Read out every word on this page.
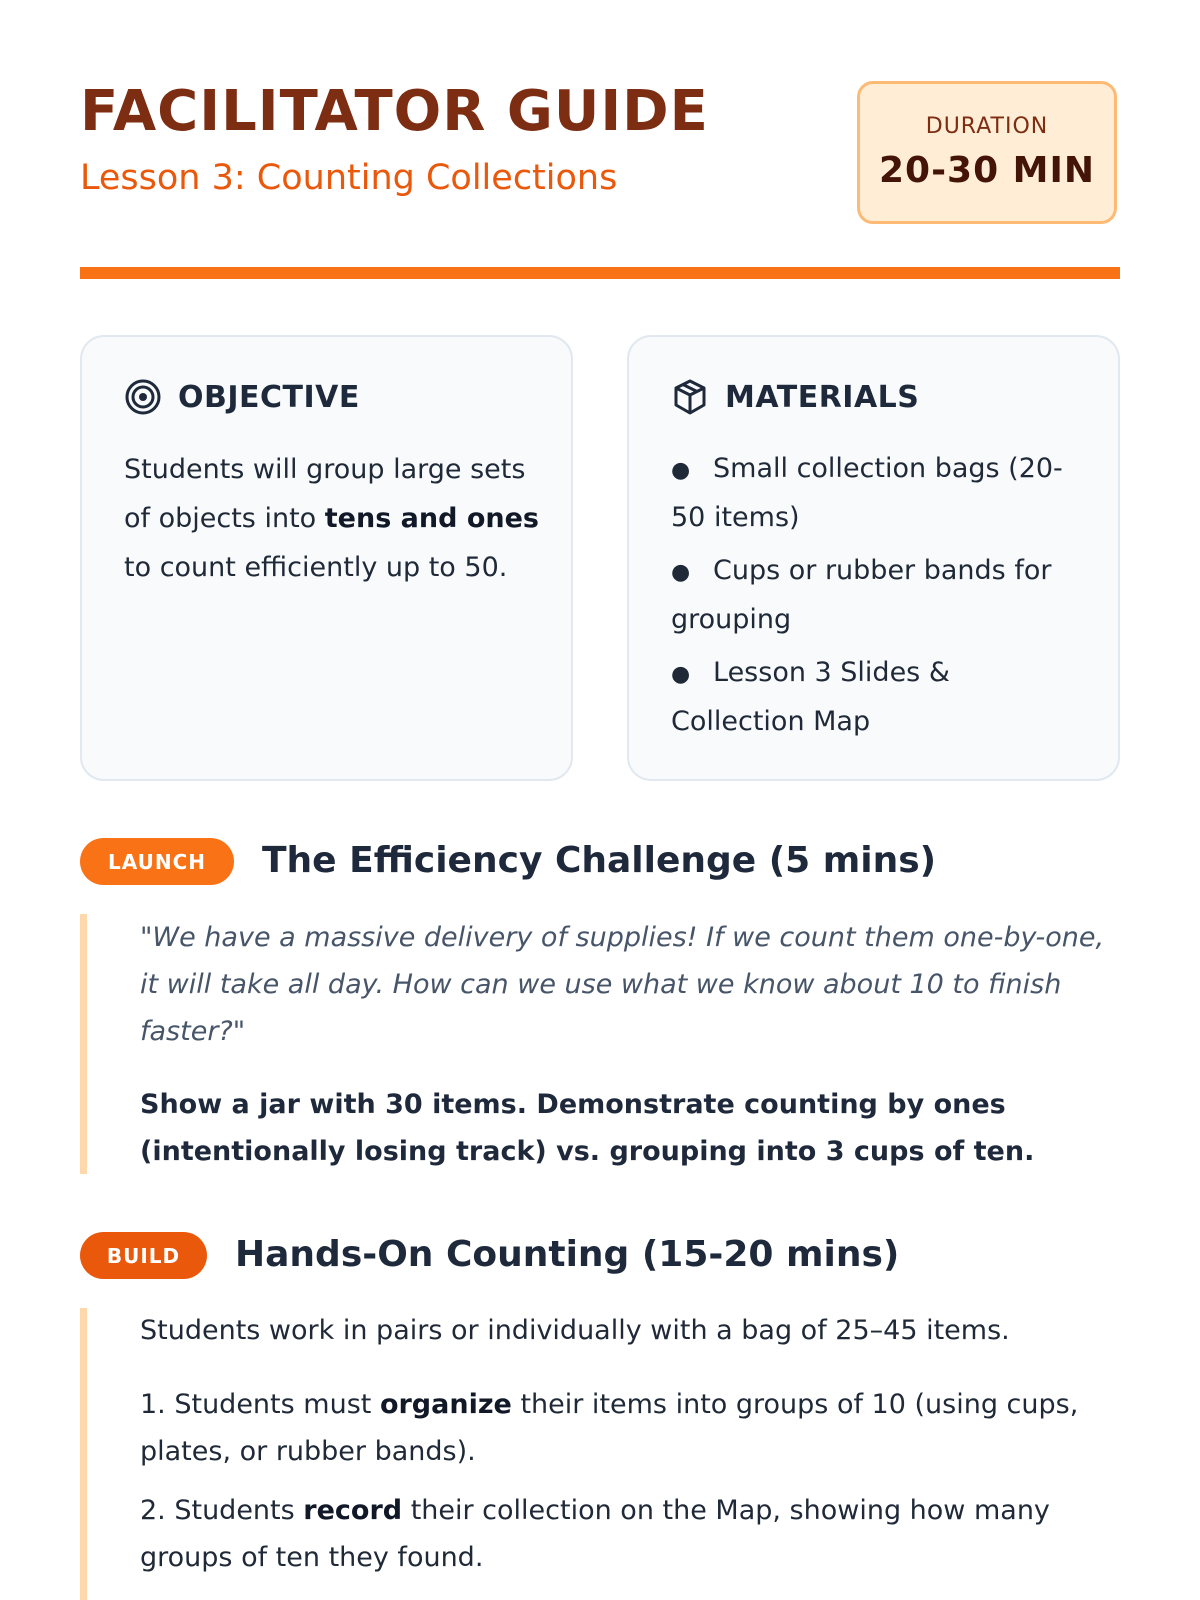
FACILITATOR GUIDE
Lesson 3: Counting Collections
DURATION
20-30 MIN
OBJECTIVE

Students will group large sets of objects into tens and ones to count efficiently up to 50.

MATERIALS
● Small collection bags (20-50 items)
● Cups or rubber bands for grouping
● Lesson 3 Slides & Collection Map
LAUNCH	The Efficiency Challenge (5 mins)

"We have a massive delivery of supplies! If we count them one-by-one, it will take all day. How can we use what we know about 10 to finish faster?"

Show a jar with 30 items. Demonstrate counting by ones (intentionally losing track) vs. grouping into 3 cups of ten.

BUILD	Hands-On Counting (15-20 mins)

Students work in pairs or individually with a bag of 25–45 items.

1. Students must organize their items into groups of 10 (using cups, plates, or rubber bands).
2. Students record their collection on the Map, showing how many groups of ten they found.
